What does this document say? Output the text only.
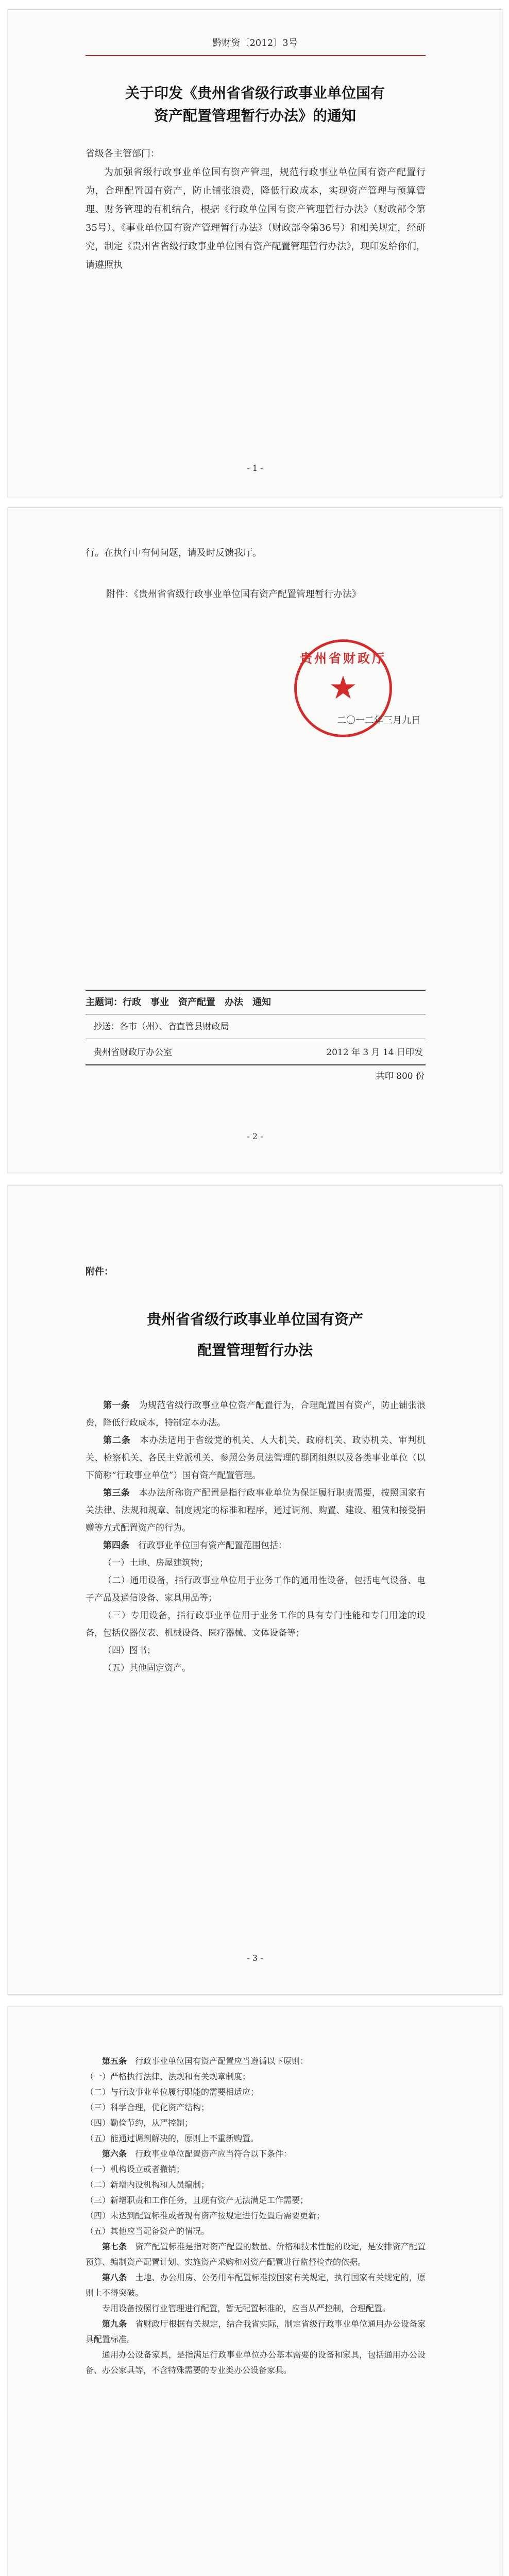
黔财资〔2012〕3号
关于印发《贵州省省级行政事业单位国有
资产配置管理暂行办法》的通知

省级各主管部门：

为加强省级行政事业单位国有资产管理，规范行政事业单位国有资产配置行为，合理配置国有资产，防止铺张浪费，降低行政成本，实现资产管理与预算管理、财务管理的有机结合，根据《行政单位国有资产管理暂行办法》（财政部令第35号）、《事业单位国有资产管理暂行办法》（财政部令第36号）和相关规定，经研究，制定《贵州省省级行政事业单位国有资产配置管理暂行办法》，现印发给你们，请遵照执

- 1 -

行。在执行中有何问题，请及时反馈我厅。

附件：《贵州省省级行政事业单位国有资产配置管理暂行办法》

贵州省财政厅
★

二〇一二年三月九日

主题词：行政　事业　资产配置　办法　通知
抄送：各市（州）、省直管县财政局
贵州省财政厅办公室	2012 年 3 月 14 日印发
共印 800 份
- 2 -
附件：
贵州省省级行政事业单位国有资产
配置管理暂行办法

第一条　 为规范省级行政事业单位资产配置行为，合理配置国有资产，防止铺张浪费，降低行政成本，特制定本办法。

第二条　 本办法适用于省级党的机关、人大机关、政府机关、政协机关、审判机关、检察机关、各民主党派机关、参照公务员法管理的群团组织以及各类事业单位（以下简称“行政事业单位”）国有资产配置管理。

第三条　 本办法所称资产配置是指行政事业单位为保证履行职责需要，按照国家有关法律、法规和规章、制度规定的标准和程序，通过调剂、购置、建设、租赁和接受捐赠等方式配置资产的行为。

第四条　 行政事业单位国有资产配置范围包括：

（一）土地、房屋建筑物；

（二）通用设备，指行政事业单位用于业务工作的通用性设备，包括电气设备、电子产品及通信设备、家具用品等；

（三）专用设备，指行政事业单位用于业务工作的具有专门性能和专门用途的设备，包括仪器仪表、机械设备、医疗器械、文体设备等；

（四）图书；

（五）其他固定资产。

- 3 -

第五条　 行政事业单位国有资产配置应当遵循以下原则：

（一）严格执行法律、法规和有关规章制度；

（二）与行政事业单位履行职能的需要相适应；

（三）科学合理，优化资产结构；

（四）勤俭节约，从严控制；

（五）能通过调剂解决的，原则上不重新购置。

第六条　 行政事业单位配置资产应当符合以下条件：

（一）机构设立或者撤销；

（二）新增内设机构和人员编制；

（三）新增职责和工作任务，且现有资产无法满足工作需要；

（四）未达到配置标准或者现有资产按规定进行处置后需要更新；

（五）其他应当配备资产的情况。

第七条　 资产配置标准是指对资产配置的数量、价格和技术性能的设定，是安排资产配置预算、编制资产配置计划、实施资产采购和对资产配置进行监督检查的依据。

第八条　 土地、办公用房、公务用车配置标准按国家有关规定，执行国家有关规定的，原则上不得突破。

专用设备按照行业管理进行配置，暂无配置标准的，应当从严控制，合理配置。

第九条　 省财政厅根据有关规定，结合我省实际，制定省级行政事业单位通用办公设备家具配置标准。

通用办公设备家具，是指满足行政事业单位办公基本需要的设备和家具，包括通用办公设备、办公家具等，不含特殊需要的专业类办公设备家具。
